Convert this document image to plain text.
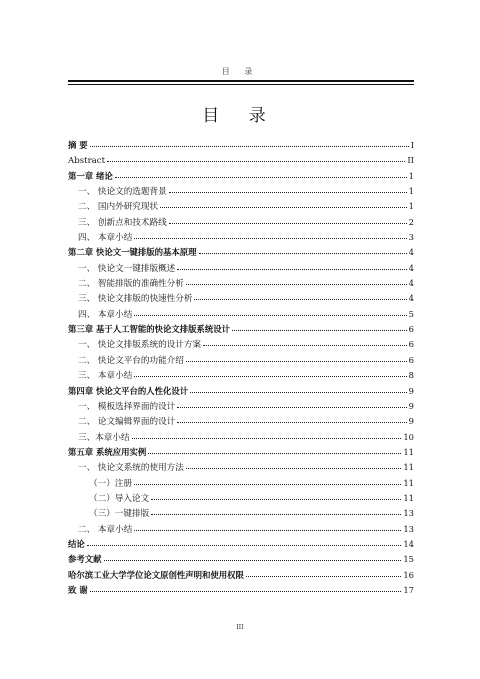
目 录
目 录
摘 要	I
Abstract	II
第一章 绪论	1
一、 快论文的选题背景	1
二、 国内外研究现状	1
三、 创新点和技术路线	2
四、 本章小结	3
第二章 快论文一键排版的基本原理	4
一、 快论文一键排版概述	4
二、 智能排版的准确性分析	4
三、 快论文排版的快速性分析	4
四、 本章小结	5
第三章 基于人工智能的快论文排版系统设计	6
一、 快论文排版系统的设计方案	6
二、 快论文平台的功能介绍	6
三、 本章小结	8
第四章 快论文平台的人性化设计	9
一、 模板选择界面的设计	9
二、 论文编辑界面的设计	9
三、本章小结	10
第五章 系统应用实例	11
一、 快论文系统的使用方法	11
（一）注册	11
（二）导入论文	11
（三）一键排版	13
二、 本章小结	13
结论	14
参考文献	15
哈尔滨工业大学学位论文原创性声明和使用权限	16
致 谢	17
III
